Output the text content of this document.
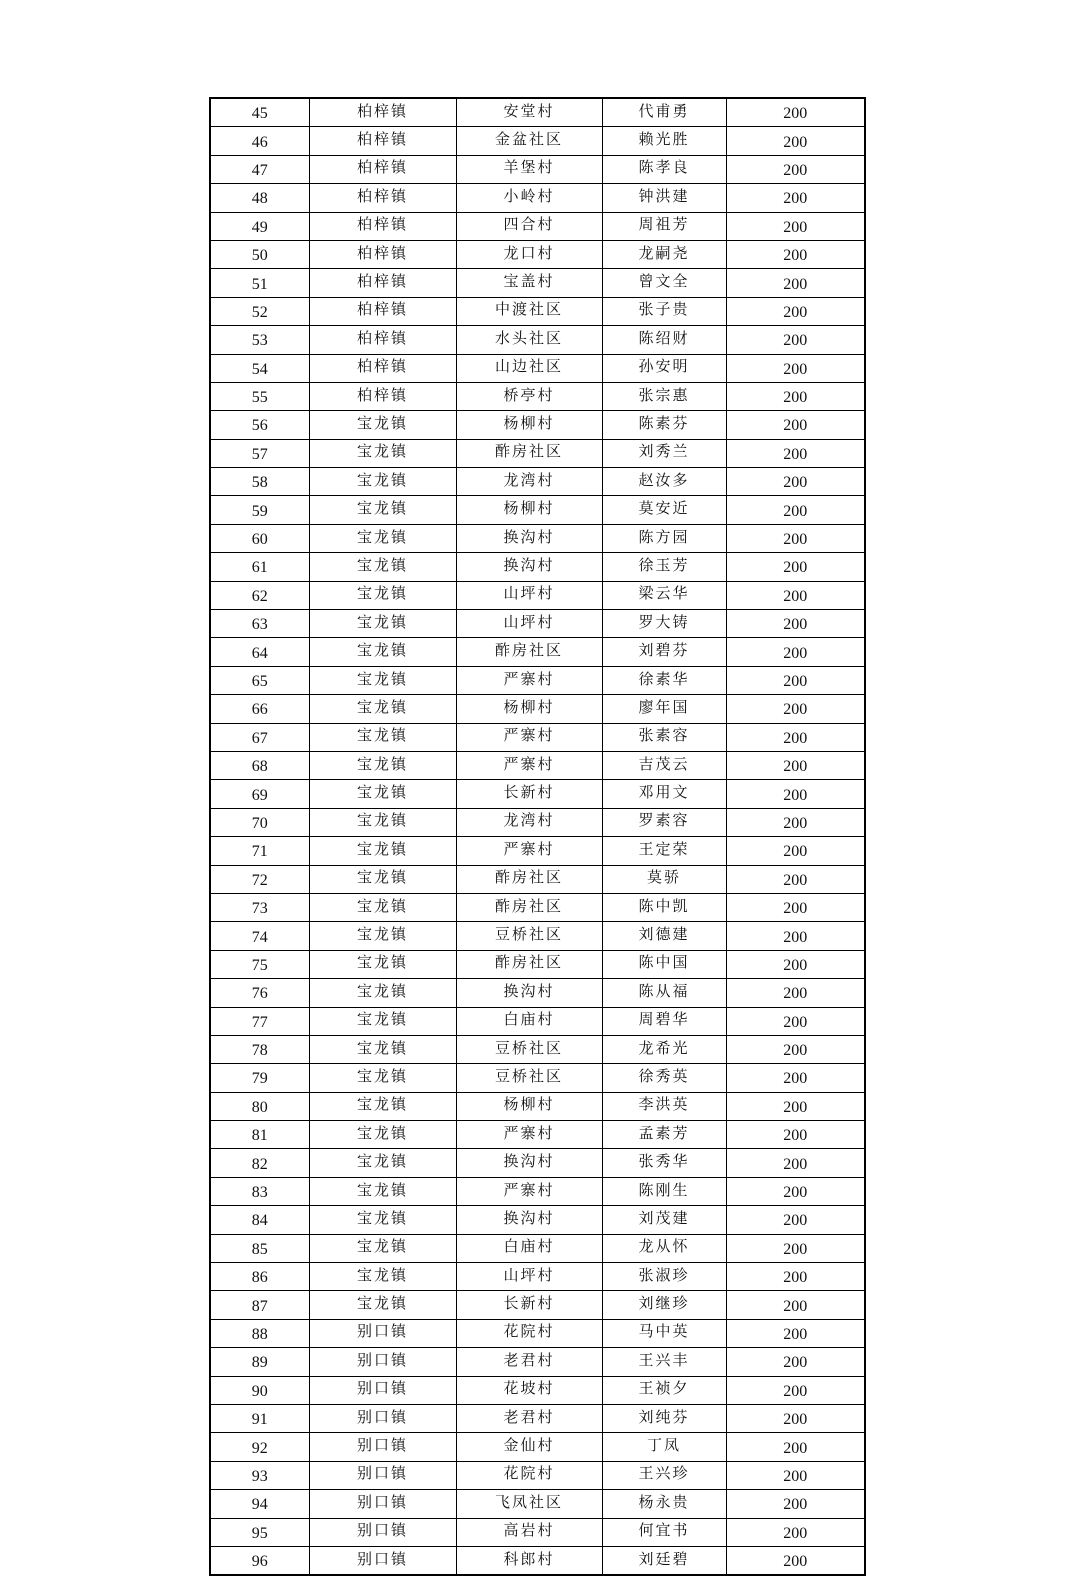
45	柏梓镇	安堂村	代甫勇	200
46	柏梓镇	金盆社区	赖光胜	200
47	柏梓镇	羊堡村	陈孝良	200
48	柏梓镇	小岭村	钟洪建	200
49	柏梓镇	四合村	周祖芳	200
50	柏梓镇	龙口村	龙嗣尧	200
51	柏梓镇	宝盖村	曾文全	200
52	柏梓镇	中渡社区	张子贵	200
53	柏梓镇	水头社区	陈绍财	200
54	柏梓镇	山边社区	孙安明	200
55	柏梓镇	桥亭村	张宗惠	200
56	宝龙镇	杨柳村	陈素芬	200
57	宝龙镇	酢房社区	刘秀兰	200
58	宝龙镇	龙湾村	赵汝多	200
59	宝龙镇	杨柳村	莫安近	200
60	宝龙镇	换沟村	陈方园	200
61	宝龙镇	换沟村	徐玉芳	200
62	宝龙镇	山坪村	梁云华	200
63	宝龙镇	山坪村	罗大铸	200
64	宝龙镇	酢房社区	刘碧芬	200
65	宝龙镇	严寨村	徐素华	200
66	宝龙镇	杨柳村	廖年国	200
67	宝龙镇	严寨村	张素容	200
68	宝龙镇	严寨村	吉茂云	200
69	宝龙镇	长新村	邓用文	200
70	宝龙镇	龙湾村	罗素容	200
71	宝龙镇	严寨村	王定荣	200
72	宝龙镇	酢房社区	莫骄	200
73	宝龙镇	酢房社区	陈中凯	200
74	宝龙镇	豆桥社区	刘德建	200
75	宝龙镇	酢房社区	陈中国	200
76	宝龙镇	换沟村	陈从福	200
77	宝龙镇	白庙村	周碧华	200
78	宝龙镇	豆桥社区	龙希光	200
79	宝龙镇	豆桥社区	徐秀英	200
80	宝龙镇	杨柳村	李洪英	200
81	宝龙镇	严寨村	孟素芳	200
82	宝龙镇	换沟村	张秀华	200
83	宝龙镇	严寨村	陈刚生	200
84	宝龙镇	换沟村	刘茂建	200
85	宝龙镇	白庙村	龙从怀	200
86	宝龙镇	山坪村	张淑珍	200
87	宝龙镇	长新村	刘继珍	200
88	别口镇	花院村	马中英	200
89	别口镇	老君村	王兴丰	200
90	别口镇	花坡村	王祯夕	200
91	别口镇	老君村	刘纯芬	200
92	别口镇	金仙村	丁凤	200
93	别口镇	花院村	王兴珍	200
94	别口镇	飞凤社区	杨永贵	200
95	别口镇	高岩村	何宜书	200
96	别口镇	科郎村	刘廷碧	200
